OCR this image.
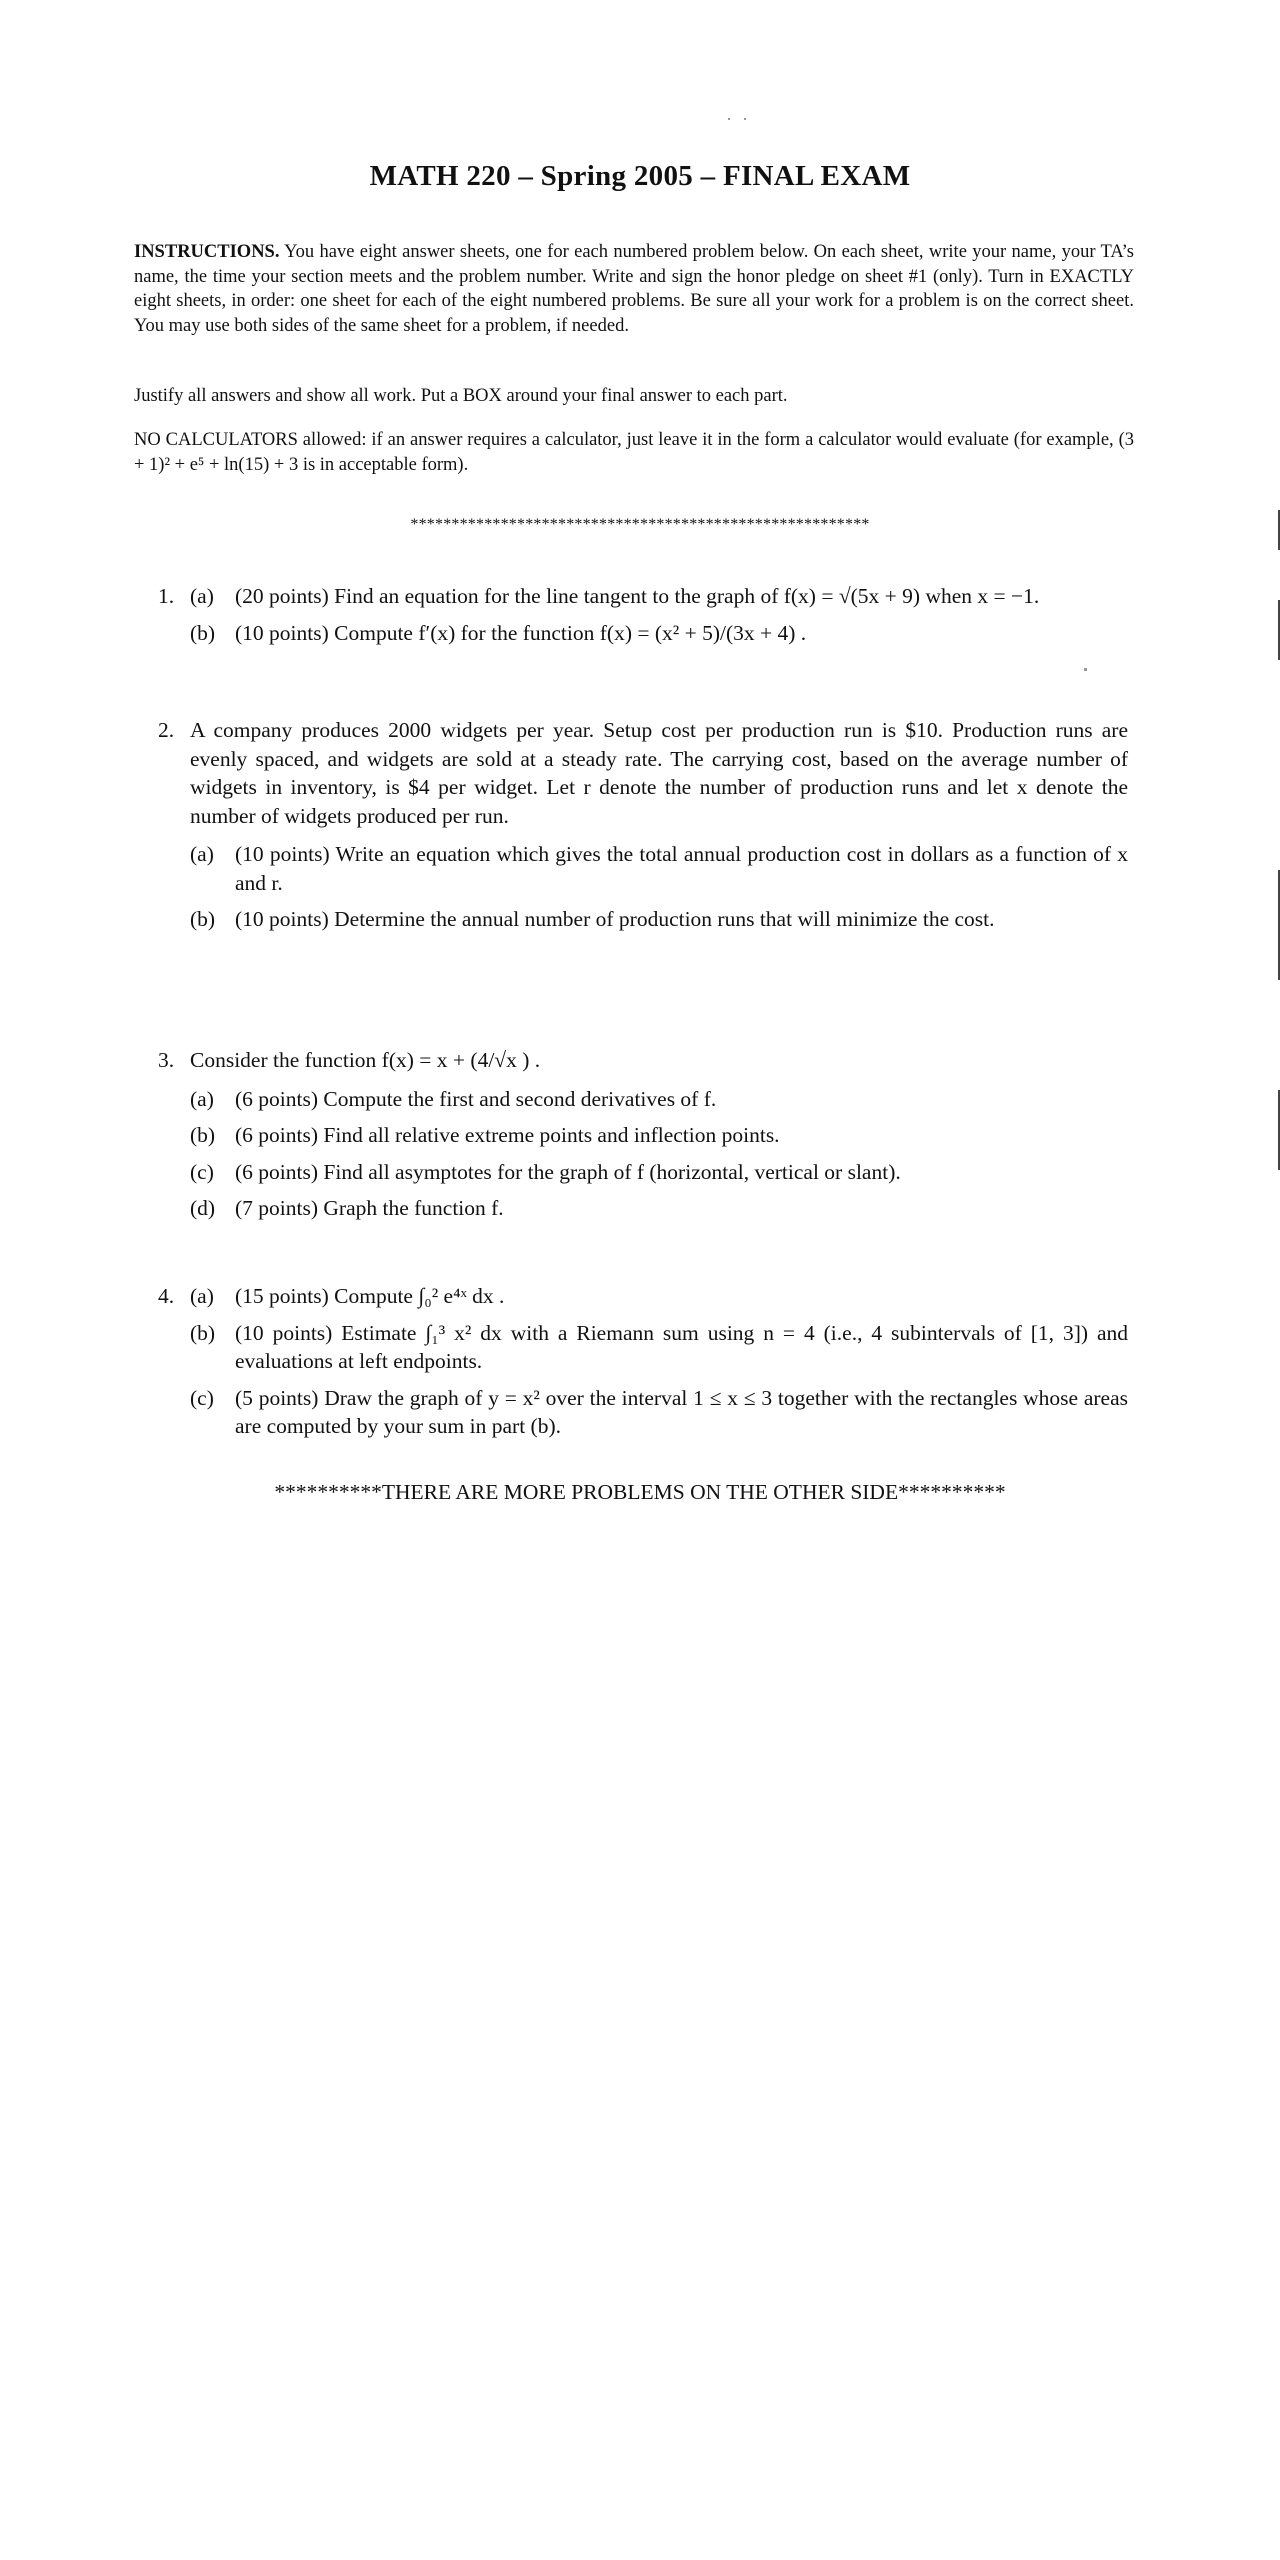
MATH 220 – Spring 2005 – FINAL EXAM
INSTRUCTIONS. You have eight answer sheets, one for each numbered problem below. On each sheet, write your name, your TA’s name, the time your section meets and the problem number. Write and sign the honor pledge on sheet #1 (only). Turn in EXACTLY eight sheets, in order: one sheet for each of the eight numbered problems. Be sure all your work for a problem is on the correct sheet. You may use both sides of the same sheet for a problem, if needed.
Justify all answers and show all work. Put a BOX around your final answer to each part.
NO CALCULATORS allowed: if an answer requires a calculator, just leave it in the form a calculator would evaluate (for example, (3 + 1)² + e⁵ + ln(15) + 3 is in acceptable form).
********************************************************
1. (a) (20 points) Find an equation for the line tangent to the graph of f(x) = √(5x + 9) when x = −1.
(b) (10 points) Compute f′(x) for the function f(x) = (x² + 5)/(3x + 4) .
2. A company produces 2000 widgets per year. Setup cost per production run is $10. Production runs are evenly spaced, and widgets are sold at a steady rate. The carrying cost, based on the average number of widgets in inventory, is $4 per widget. Let r denote the number of production runs and let x denote the number of widgets produced per run.
(a) (10 points) Write an equation which gives the total annual production cost in dollars as a function of x and r.
(b) (10 points) Determine the annual number of production runs that will minimize the cost.
3. Consider the function f(x) = x + (4/√x ) .
(a) (6 points) Compute the first and second derivatives of f.
(b) (6 points) Find all relative extreme points and inflection points.
(c) (6 points) Find all asymptotes for the graph of f (horizontal, vertical or slant).
(d) (7 points) Graph the function f.
4. (a) (15 points) Compute ∫₀² e⁴ˣ dx .
(b) (10 points) Estimate ∫₁³ x² dx with a Riemann sum using n = 4 (i.e., 4 subintervals of [1, 3]) and evaluations at left endpoints.
(c) (5 points) Draw the graph of y = x² over the interval 1 ≤ x ≤ 3 together with the rectangles whose areas are computed by your sum in part (b).
**********THERE ARE MORE PROBLEMS ON THE OTHER SIDE**********
